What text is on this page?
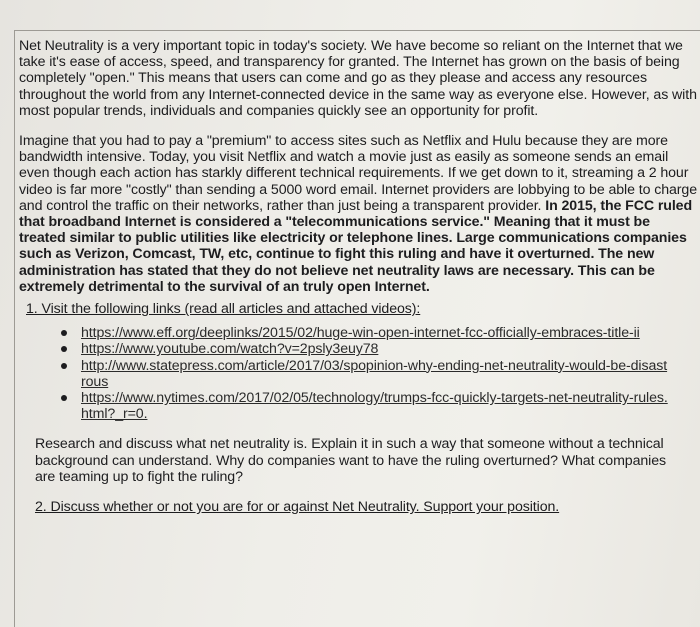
Net Neutrality is a very important topic in today's society. We have become so reliant on the Internet that we take it's ease of access, speed, and transparency for granted. The Internet has grown on the basis of being completely "open." This means that users can come and go as they please and access any resources throughout the world from any Internet-connected device in the same way as everyone else. However, as with most popular trends, individuals and companies quickly see an opportunity for profit.

Imagine that you had to pay a "premium" to access sites such as Netflix and Hulu because they are more bandwidth intensive. Today, you visit Netflix and watch a movie just as easily as someone sends an email even though each action has starkly different technical requirements. If we get down to it, streaming a 2 hour video is far more "costly" than sending a 5000 word email. Internet providers are lobbying to be able to charge and control the traffic on their networks, rather than just being a transparent provider. In 2015, the FCC ruled that broadband Internet is considered a "telecommunications service." Meaning that it must be treated similar to public utilities like electricity or telephone lines. Large communications companies such as Verizon, Comcast, TW, etc, continue to fight this ruling and have it overturned. The new administration has stated that they do not believe net neutrality laws are necessary. This can be extremely detrimental to the survival of an truly open Internet.

1. Visit the following links (read all articles and attached videos):

https://www.eff.org/deeplinks/2015/02/huge-win-open-internet-fcc-officially-embraces-title-ii
https://www.youtube.com/watch?v=2psly3euy78
http://www.statepress.com/article/2017/03/spopinion-why-ending-net-neutrality-would-be-disastrous
https://www.nytimes.com/2017/02/05/technology/trumps-fcc-quickly-targets-net-neutrality-rules.html?_r=0.

Research and discuss what net neutrality is. Explain it in such a way that someone without a technical background can understand. Why do companies want to have the ruling overturned? What companies are teaming up to fight the ruling?

2. Discuss whether or not you are for or against Net Neutrality. Support your position.
